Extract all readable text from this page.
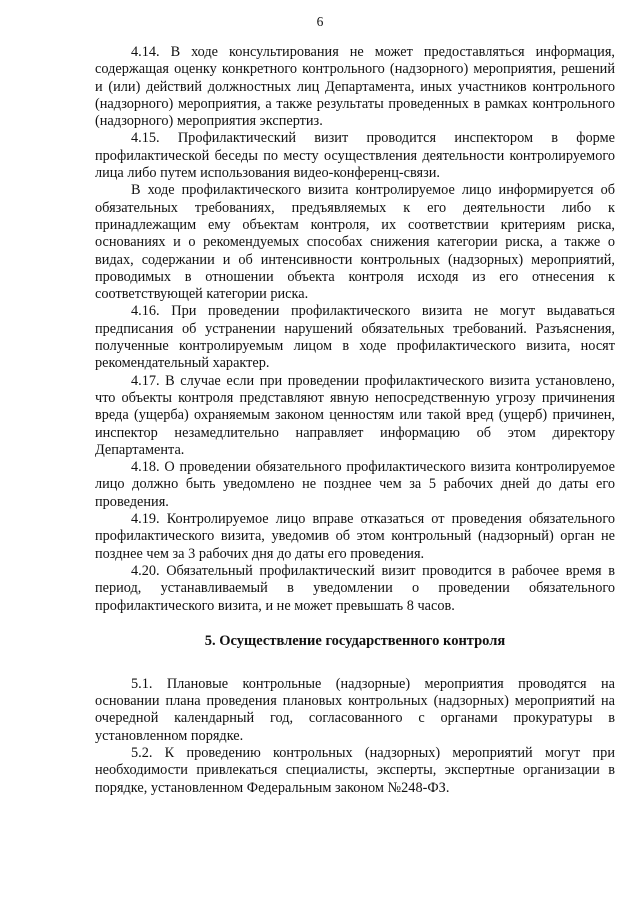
6

4.14. В ходе консультирования не может предоставляться информация, содержащая оценку конкретного контрольного (надзорного) мероприятия, решений и (или) действий должностных лиц Департамента, иных участников контрольного (надзорного) мероприятия, а также результаты проведенных в рамках контрольного (надзорного) мероприятия экспертиз.

4.15. Профилактический визит проводится инспектором в форме профилактической беседы по месту осуществления деятельности контролируемого лица либо путем использования видео-конференц-связи.

В ходе профилактического визита контролируемое лицо информируется об обязательных требованиях, предъявляемых к его деятельности либо к принадлежащим ему объектам контроля, их соответствии критериям риска, основаниях и о рекомендуемых способах снижения категории риска, а также о видах, содержании и об интенсивности контрольных (надзорных) мероприятий, проводимых в отношении объекта контроля исходя из его отнесения к соответствующей категории риска.

4.16. При проведении профилактического визита не могут выдаваться предписания об устранении нарушений обязательных требований. Разъяснения, полученные контролируемым лицом в ходе профилактического визита, носят рекомендательный характер.

4.17. В случае если при проведении профилактического визита установлено, что объекты контроля представляют явную непосредственную угрозу причинения вреда (ущерба) охраняемым законом ценностям или такой вред (ущерб) причинен, инспектор незамедлительно направляет информацию об этом директору Департамента.

4.18. О проведении обязательного профилактического визита контролируемое лицо должно быть уведомлено не позднее чем за 5 рабочих дней до даты его проведения.

4.19. Контролируемое лицо вправе отказаться от проведения обязательного профилактического визита, уведомив об этом контрольный (надзорный) орган не позднее чем за 3 рабочих дня до даты его проведения.

4.20. Обязательный профилактический визит проводится в рабочее время в период, устанавливаемый в уведомлении о проведении обязательного профилактического визита, и не может превышать 8 часов.

5. Осуществление государственного контроля

5.1. Плановые контрольные (надзорные) мероприятия проводятся на основании плана проведения плановых контрольных (надзорных) мероприятий на очередной календарный год, согласованного с органами прокуратуры в установленном порядке.

5.2. К проведению контрольных (надзорных) мероприятий могут при необходимости привлекаться специалисты, эксперты, экспертные организации в порядке, установленном Федеральным законом №248-ФЗ.
